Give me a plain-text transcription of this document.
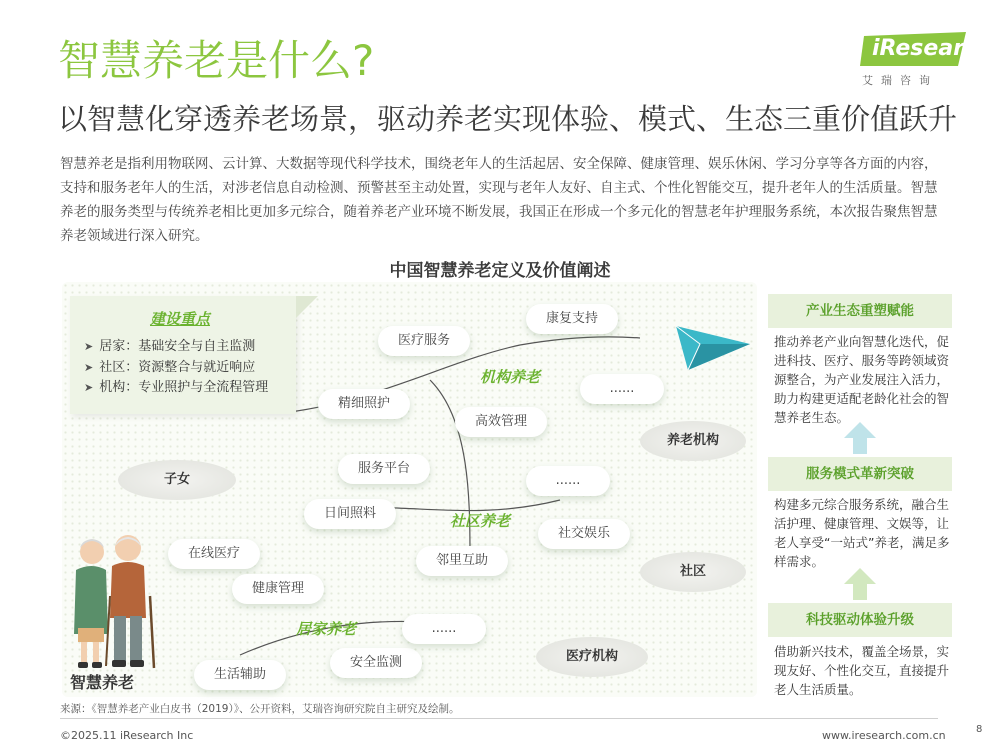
智慧养老是什么?
以智慧化穿透养老场景，驱动养老实现体验、模式、生态三重价值跃升
iResearch
艾瑞咨询
智慧养老是指利用物联网、云计算、大数据等现代科学技术，围绕老年人的生活起居、安全保障、健康管理、娱乐休闲、学习分享等各方面的内容，支持和服务老年人的生活，对涉老信息自动检测、预警甚至主动处置，实现与老年人友好、自主式、个性化智能交互，提升老年人的生活质量。智慧养老的服务类型与传统养老相比更加多元综合，随着养老产业环境不断发展，我国正在形成一个多元化的智慧老年护理服务系统，本次报告聚焦智慧养老领域进行深入研究。
中国智慧养老定义及价值阐述
建设重点
➤ 居家：基础安全与自主监测
➤ 社区：资源整合与就近响应
➤ 机构：专业照护与全流程管理
医疗服务
康复支持
精细照护
高效管理
......
机构养老
养老机构
子女
服务平台
日间照料
社交娱乐
邻里互助
......
社区养老
社区
在线医疗
健康管理
安全监测
生活辅助
......
居家养老
医疗机构
智慧养老
产业生态重塑赋能
推动养老产业向智慧化迭代，促进科技、医疗、服务等跨领域资源整合，为产业发展注入活力，助力构建更适配老龄化社会的智慧养老生态。
服务模式革新突破
构建多元综合服务系统，融合生活护理、健康管理、文娱等，让老人享受“一站式”养老，满足多样需求。
科技驱动体验升级
借助新兴技术，覆盖全场景，实现友好、个性化交互，直接提升老人生活质量。
来源：《智慧养老产业白皮书（2019）》、公开资料，艾瑞咨询研究院自主研究及绘制。
©2025.11 iResearch Inc	www.iresearch.com.cn	8
